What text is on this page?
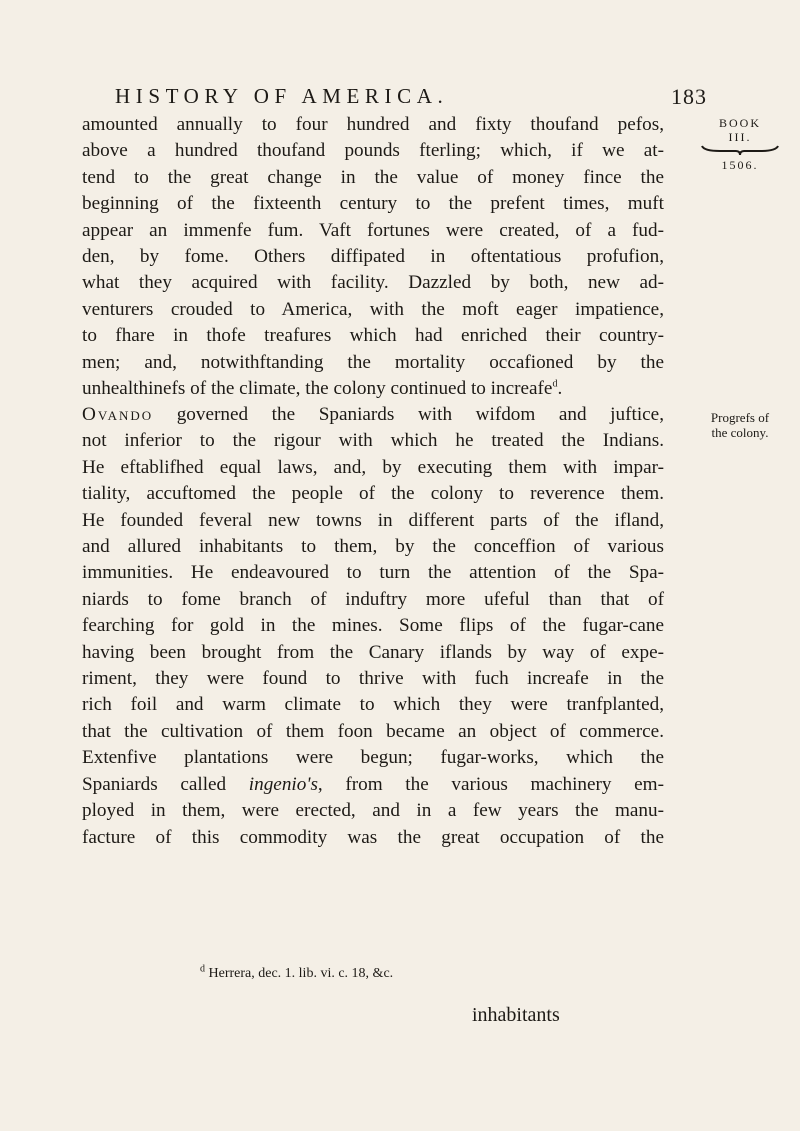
HISTORY OF AMERICA.	183
BOOK
III.
1506.
Progrefs of
the colony.
amounted annually to four hundred and fixty thoufand pefos,
above a hundred thoufand pounds fterling; which, if we at-
tend to the great change in the value of money fince the
beginning of the fixteenth century to the prefent times, muft
appear an immenfe fum. Vaft fortunes were created, of a fud-
den, by fome. Others diffipated in oftentatious profufion,
what they acquired with facility. Dazzled by both, new ad-
venturers crouded to America, with the moft eager impatience,
to fhare in thofe treafures which had enriched their country-
men; and, notwithftanding the mortality occafioned by the
unhealthinefs of the climate, the colony continued to increafe$^d$.
Ovando governed the Spaniards with wifdom and juftice,
not inferior to the rigour with which he treated the Indians.
He eftablifhed equal laws, and, by executing them with impar-
tiality, accuftomed the people of the colony to reverence them.
He founded feveral new towns in different parts of the ifland,
and allured inhabitants to them, by the conceffion of various
immunities. He endeavoured to turn the attention of the Spa-
niards to fome branch of induftry more ufeful than that of
fearching for gold in the mines. Some flips of the fugar-cane
having been brought from the Canary iflands by way of expe-
riment, they were found to thrive with fuch increafe in the
rich foil and warm climate to which they were tranfplanted,
that the cultivation of them foon became an object of commerce.
Extenfive plantations were begun; fugar-works, which the
Spaniards called ingenio's, from the various machinery em-
ployed in them, were erected, and in a few years the manu-
facture of this commodity was the great occupation of the
$^d$ Herrera, dec. 1. lib. vi. c. 18, &c.
inhabitants
